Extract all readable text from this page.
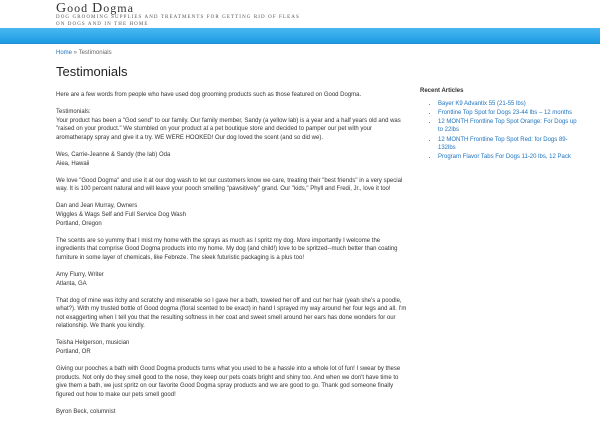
Good Dogma

DOG GROOMING SUPPLIES AND TREATMENTS FOR GETTING RID OF FLEAS ON DOGS AND IN THE HOME

Home » Testimonials
Testimonials

Here are a few words from people who have used dog grooming products such as those featured on Good Dogma.

Testimonials:
Your product has been a "God send" to our family. Our family member, Sandy (a yellow lab) is a year and a half years old and was "raised on your product." We stumbled on your product at a pet boutique store and decided to pamper our pet with your aromatherapy spray and give it a try. WE WERE HOOKED! Our dog loved the scent (and so did we).

Wes, Carrie-Jeanne & Sandy (the lab) Oda
Aiea, Hawaii

We love "Good Dogma" and use it at our dog wash to let our customers know we care, treating their "best friends" in a very special way. It is 100 percent natural and will leave your pooch smelling "pawsitively" grand. Our "kids," Phyll and Fredi, Jr., love it too!

Dan and Jean Murray, Owners
Wiggles & Wags Self and Full Service Dog Wash
Portland, Oregon

The scents are so yummy that I mist my home with the sprays as much as I spritz my dog. More importantly I welcome the ingredients that comprise Good Dogma products into my home. My dog (and child!) love to be spritzed--much better than coating furniture in some layer of chemicals, like Febreze. The sleek futuristic packaging is a plus too!

Amy Flurry, Writer
Atlanta, GA

That dog of mine was itchy and scratchy and miserable so I gave her a bath, toweled her off and cut her hair (yeah she's a poodle, what?). With my trusted bottle of Good dogma (floral scented to be exact) in hand I sprayed my way around her four legs and all. I'm not exaggerting when I tell you that the resulting softness in her coat and sweet smell around her ears has done wonders for our relationship. We thank you kindly.

Teisha Helgerson, musician
Portland, OR

Giving our pooches a bath with Good Dogma products turns what you used to be a hassle into a whole lot of fun! I swear by these products. Not only do they smell good to the nose, they keep our pets coats bright and shiny too. And when we don't have time to give them a bath, we just spritz on our favorite Good Dogma spray products and we are good to go. Thank god someone finally figured out how to make our pets smell good!

Byron Beck, columnist

Recent Articles
• Bayer K9 Advantix 55 (21-55 lbs)
• Frontline Top Spot for Dogs 23-44 lbs – 12 months
• 12 MONTH Frontline Top Spot Orange: For Dogs up to 22lbs
• 12 MONTH Frontline Top Spot Red: for Dogs 89-132lbs
• Program Flavor Tabs For Dogs 11-20 lbs, 12 Pack
